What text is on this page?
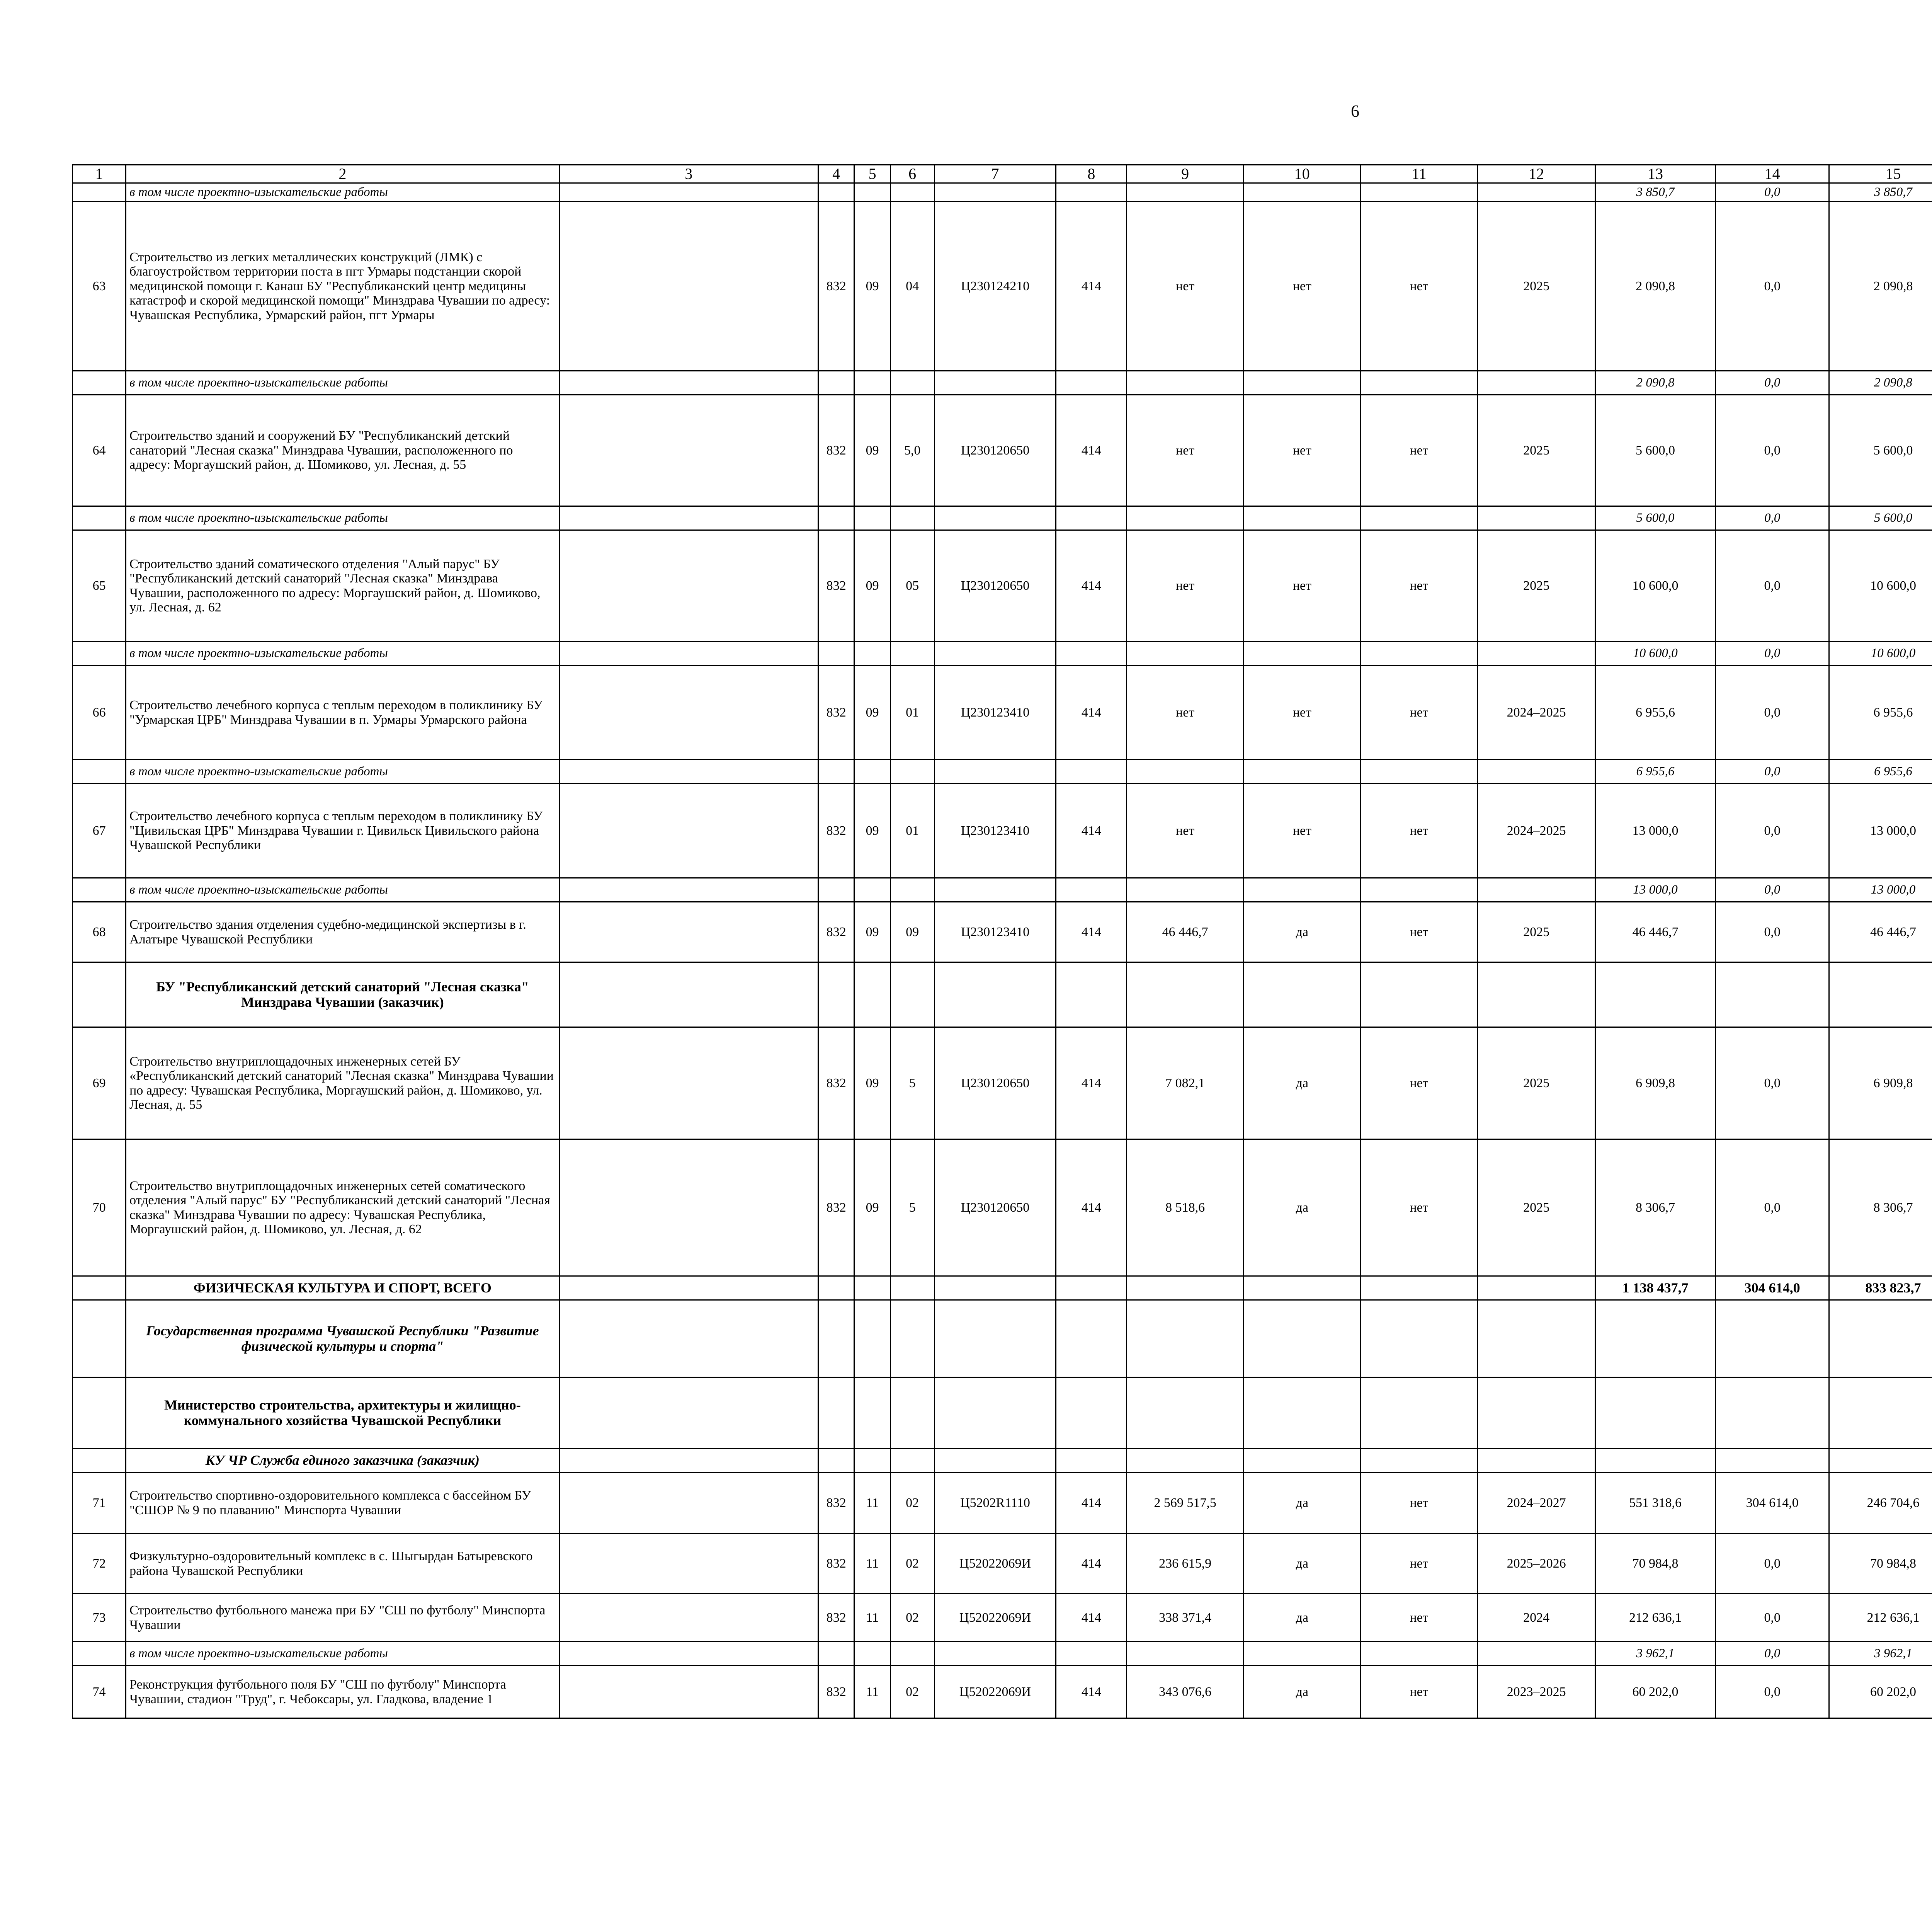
6
1	2	3	4	5	6	7	8	9	10	11	12	13	14	15						
	в том числе проектно-изыскательские работы											3 850,7	0,0	3 850,7						
63	Строительство из легких металлических конструкций (ЛМК) с благоустройством территории поста в пгт Урмары подстанции скорой медицинской помощи г. Канаш БУ "Республиканский центр медицины катастроф и скорой медицинской помощи" Минздрава Чувашии по адресу: Чувашская Республика, Урмарский район, пгт Урмары		832	09	04	Ц230124210	414	нет	нет	нет	2025	2 090,8	0,0	2 090,8						
	в том числе проектно-изыскательские работы											2 090,8	0,0	2 090,8						
64	Строительство зданий и сооружений БУ "Республиканский детский санаторий "Лесная сказка" Минздрава Чувашии, расположенного по адресу: Моргаушский район, д. Шомиково, ул. Лесная, д. 55		832	09	5,0	Ц230120650	414	нет	нет	нет	2025	5 600,0	0,0	5 600,0						
	в том числе проектно-изыскательские работы											5 600,0	0,0	5 600,0						
65	Строительство зданий соматического отделения "Алый парус" БУ "Республиканский детский санаторий "Лесная сказка" Минздрава Чувашии, расположенного по адресу: Моргаушский район, д. Шомиково, ул. Лесная, д. 62		832	09	05	Ц230120650	414	нет	нет	нет	2025	10 600,0	0,0	10 600,0						
	в том числе проектно-изыскательские работы											10 600,0	0,0	10 600,0						
66	Строительство лечебного корпуса с теплым переходом в поликлинику БУ "Урмарская ЦРБ" Минздрава Чувашии в п. Урмары Урмарского района		832	09	01	Ц230123410	414	нет	нет	нет	2024–2025	6 955,6	0,0	6 955,6						
	в том числе проектно-изыскательские работы											6 955,6	0,0	6 955,6						
67	Строительство лечебного корпуса с теплым переходом в поликлинику БУ "Цивильская ЦРБ" Минздрава Чувашии г. Цивильск Цивильского района Чувашской Республики		832	09	01	Ц230123410	414	нет	нет	нет	2024–2025	13 000,0	0,0	13 000,0						
	в том числе проектно-изыскательские работы											13 000,0	0,0	13 000,0						
68	Строительство здания отделения судебно-медицинской экспертизы в г. Алатыре Чувашской Республики		832	09	09	Ц230123410	414	46 446,7	да	нет	2025	46 446,7	0,0	46 446,7						
	БУ "Республиканский детский санаторий "Лесная сказка" Минздрава Чувашии (заказчик)																			
69	Строительство внутриплощадочных инженерных сетей БУ «Республиканский детский санаторий "Лесная сказка" Минздрава Чувашии по адресу: Чувашская Республика, Моргаушский район, д. Шомиково, ул. Лесная, д. 55		832	09	5	Ц230120650	414	7 082,1	да	нет	2025	6 909,8	0,0	6 909,8						
70	Строительство внутриплощадочных инженерных сетей соматического отделения "Алый парус" БУ "Республиканский детский санаторий "Лесная сказка" Минздрава Чувашии по адресу: Чувашская Республика, Моргаушский район, д. Шомиково, ул. Лесная, д. 62		832	09	5	Ц230120650	414	8 518,6	да	нет	2025	8 306,7	0,0	8 306,7						
	ФИЗИЧЕСКАЯ КУЛЬТУРА И СПОРТ, ВСЕГО											1 138 437,7	304 614,0	833 823,7						
	Государственная программа Чувашской Республики "Развитие физической культуры и спорта"																			
	Министерство строительства, архитектуры и жилищно-коммунального хозяйства Чувашской Республики																			
	КУ ЧР Служба единого заказчика (заказчик)																			
71	Строительство спортивно-оздоровительного комплекса с бассейном БУ "СШОР № 9 по плаванию" Минспорта Чувашии		832	11	02	Ц5202R1110	414	2 569 517,5	да	нет	2024–2027	551 318,6	304 614,0	246 704,6						
72	Физкультурно-оздоровительный комплекс в с. Шыгырдан Батыревского района Чувашской Республики		832	11	02	Ц52022069И	414	236 615,9	да	нет	2025–2026	70 984,8	0,0	70 984,8						
73	Строительство футбольного манежа при БУ "СШ по футболу" Минспорта Чувашии		832	11	02	Ц52022069И	414	338 371,4	да	нет	2024	212 636,1	0,0	212 636,1						
	в том числе проектно-изыскательские работы											3 962,1	0,0	3 962,1						
74	Реконструкция футбольного поля БУ "СШ по футболу" Минспорта Чувашии, стадион "Труд", г. Чебоксары, ул. Гладкова, владение 1		832	11	02	Ц52022069И	414	343 076,6	да	нет	2023–2025	60 202,0	0,0	60 202,0						
